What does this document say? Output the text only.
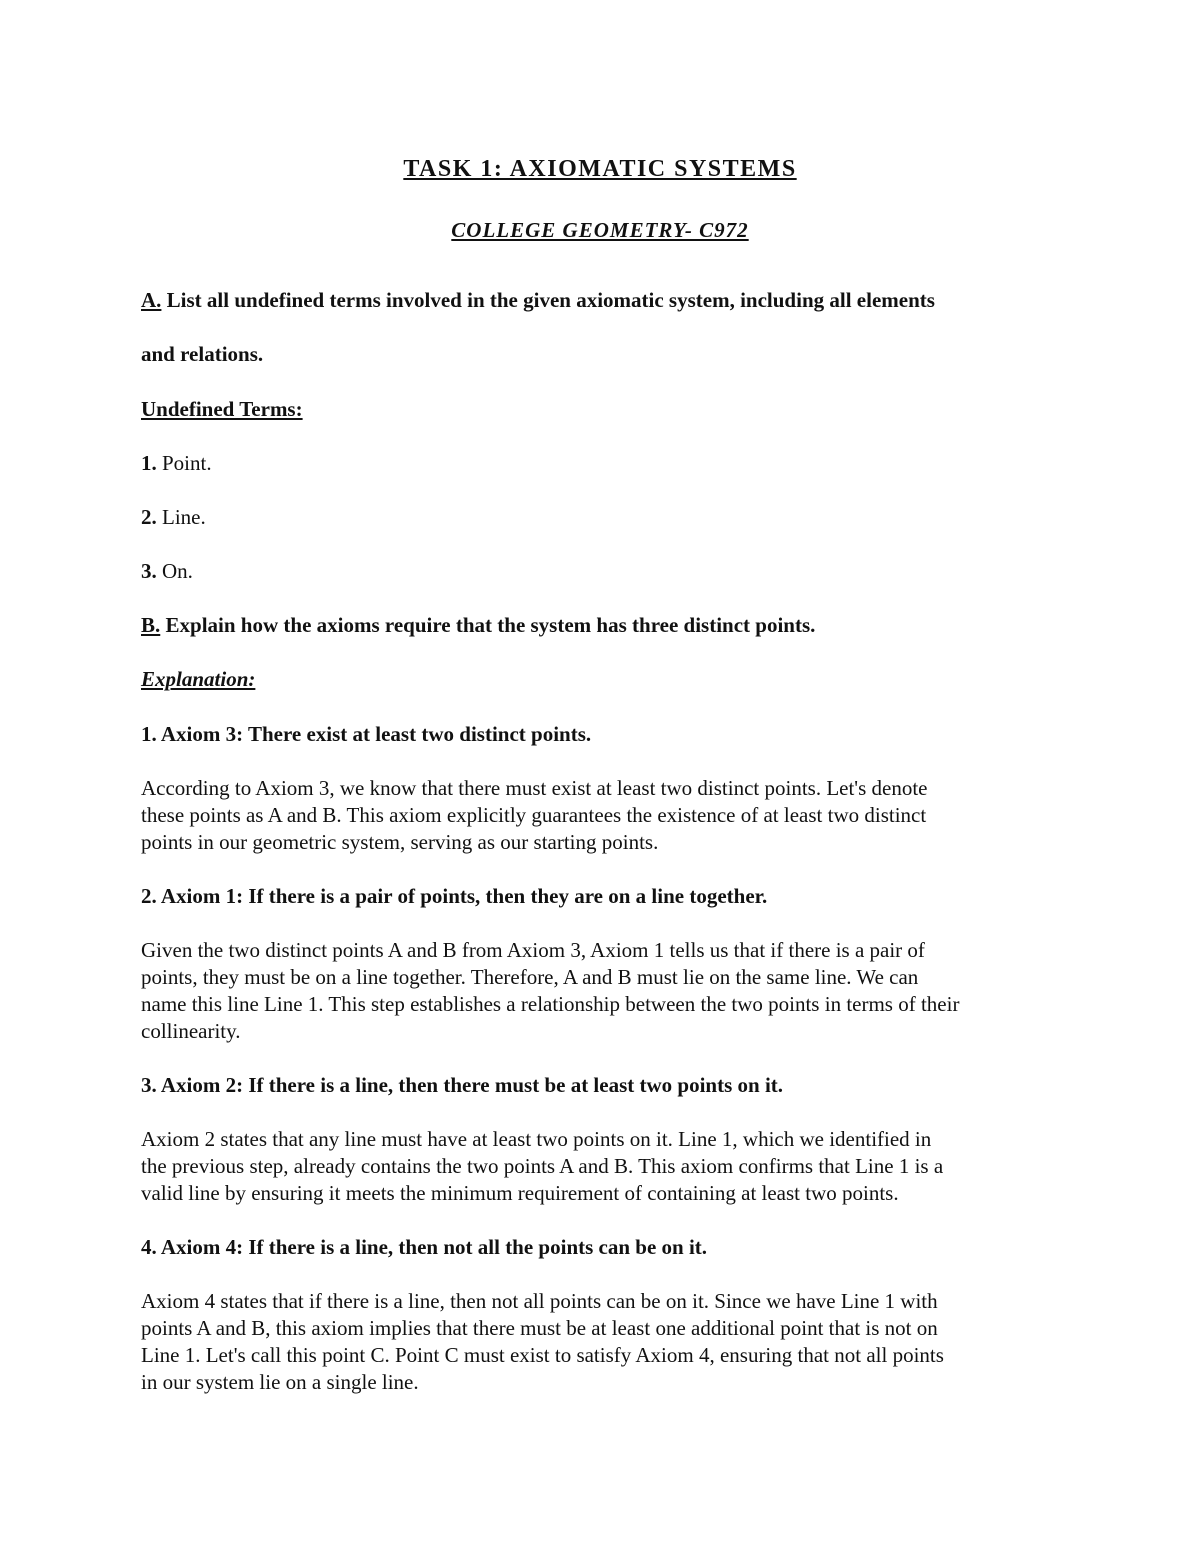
TASK 1: AXIOMATIC SYSTEMS
COLLEGE GEOMETRY- C972

A. List all undefined terms involved in the given axiomatic system, including all elements

and relations.

Undefined Terms:

1. Point.

2. Line.

3. On.

B. Explain how the axioms require that the system has three distinct points.

Explanation:

1. Axiom 3: There exist at least two distinct points.

According to Axiom 3, we know that there must exist at least two distinct points. Let's denote

these points as A and B. This axiom explicitly guarantees the existence of at least two distinct

points in our geometric system, serving as our starting points.

2. Axiom 1: If there is a pair of points, then they are on a line together.

Given the two distinct points A and B from Axiom 3, Axiom 1 tells us that if there is a pair of

points, they must be on a line together. Therefore, A and B must lie on the same line. We can

name this line Line 1. This step establishes a relationship between the two points in terms of their

collinearity.

3. Axiom 2: If there is a line, then there must be at least two points on it.

Axiom 2 states that any line must have at least two points on it. Line 1, which we identified in

the previous step, already contains the two points A and B. This axiom confirms that Line 1 is a

valid line by ensuring it meets the minimum requirement of containing at least two points.

4. Axiom 4: If there is a line, then not all the points can be on it.

Axiom 4 states that if there is a line, then not all points can be on it. Since we have Line 1 with

points A and B, this axiom implies that there must be at least one additional point that is not on

Line 1. Let's call this point C. Point C must exist to satisfy Axiom 4, ensuring that not all points

in our system lie on a single line.
